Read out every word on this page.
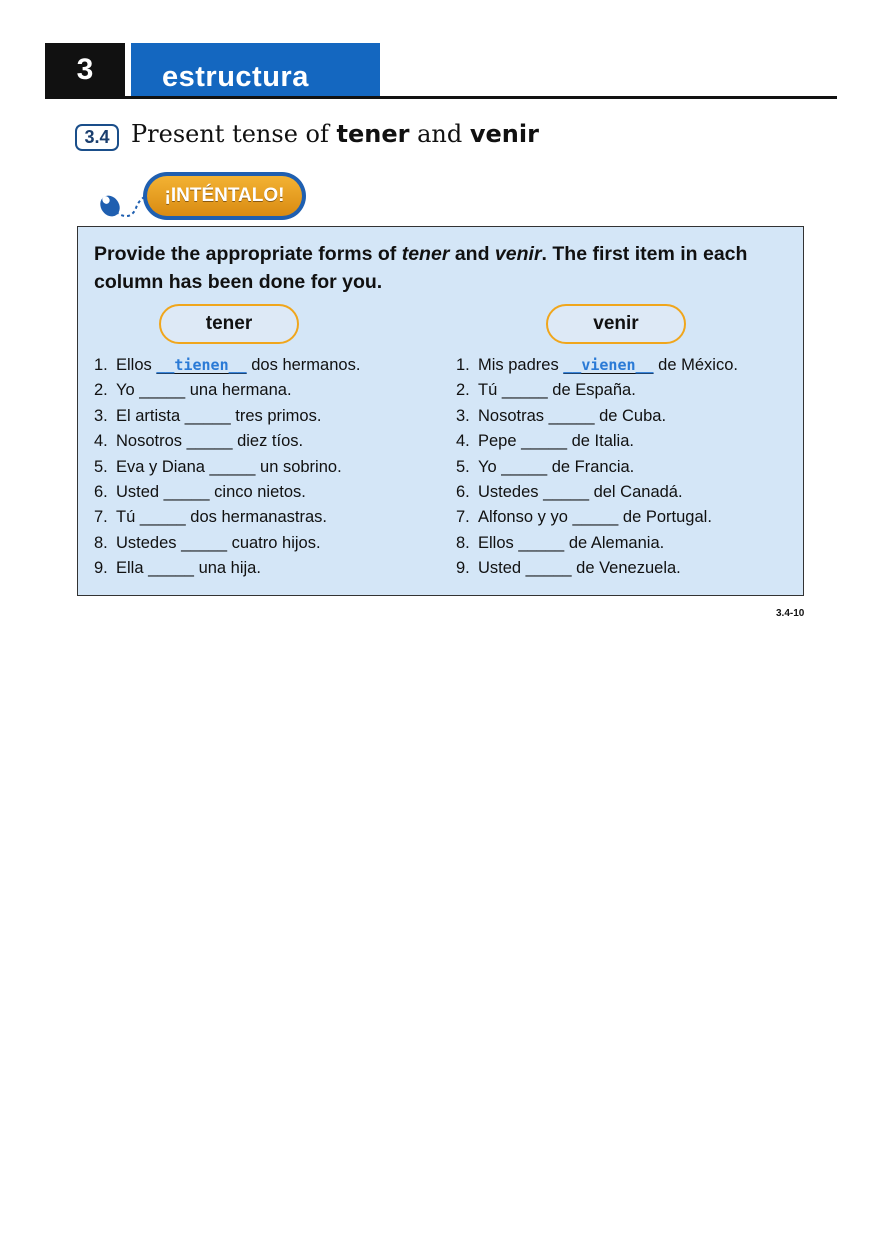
3	estructura
3.4 Present tense of tener and venir
¡INTÉNTALO!
Provide the appropriate forms of tener and venir. The first item in each column has been done for you.
tener	venir
1. Ellos __tienen__ dos hermanos.
2. Yo _____ una hermana.
3. El artista _____ tres primos.
4. Nosotros _____ diez tíos.
5. Eva y Diana _____ un sobrino.
6. Usted _____ cinco nietos.
7. Tú _____ dos hermanastras.
8. Ustedes _____ cuatro hijos.
9. Ella _____ una hija.
1. Mis padres __vienen__ de México.
2. Tú _____ de España.
3. Nosotras _____ de Cuba.
4. Pepe _____ de Italia.
5. Yo _____ de Francia.
6. Ustedes _____ del Canadá.
7. Alfonso y yo _____ de Portugal.
8. Ellos _____ de Alemania.
9. Usted _____ de Venezuela.
3.4-10
